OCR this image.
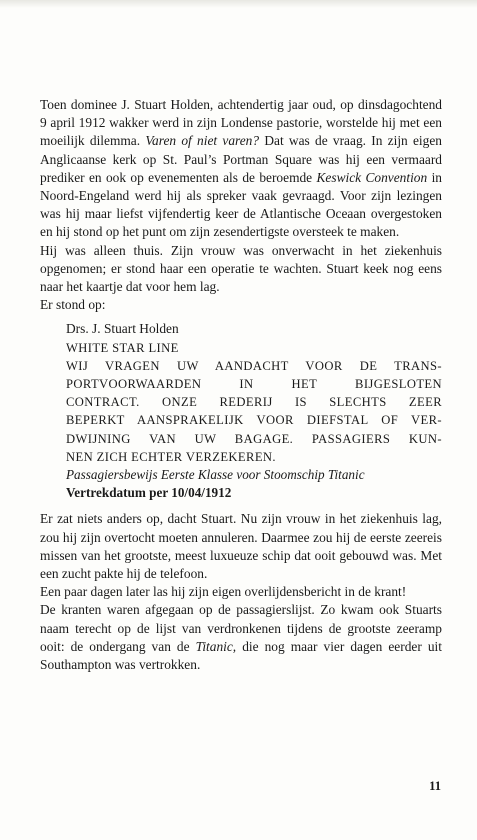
Toen dominee J. Stuart Holden, achtendertig jaar oud, op dinsdagochtend 9 april 1912 wakker werd in zijn Londense pastorie, worstelde hij met een moeilijk dilemma. Varen of niet varen? Dat was de vraag. In zijn eigen Anglicaanse kerk op St. Paul’s Portman Square was hij een vermaard prediker en ook op evenementen als de beroemde Keswick Convention in Noord-Engeland werd hij als spreker vaak gevraagd. Voor zijn lezingen was hij maar liefst vijfendertig keer de Atlantische Oceaan overgestoken en hij stond op het punt om zijn zesendertigste oversteek te maken.

Hij was alleen thuis. Zijn vrouw was onverwacht in het ziekenhuis opgenomen; er stond haar een operatie te wachten. Stuart keek nog eens naar het kaartje dat voor hem lag.

Er stond op:

Drs. J. Stuart Holden
WHITE STAR LINE
WIJ VRAGEN UW AANDACHT VOOR DE TRANS-
PORTVOORWAARDEN IN HET BIJGESLOTEN
CONTRACT. ONZE REDERIJ IS SLECHTS ZEER
BEPERKT AANSPRAKELIJK VOOR DIEFSTAL OF VER-
DWIJNING VAN UW BAGAGE. PASSAGIERS KUN-
NEN ZICH ECHTER VERZEKEREN.
Passagiersbewijs Eerste Klasse voor Stoomschip Titanic
Vertrekdatum per 10/04/1912

Er zat niets anders op, dacht Stuart. Nu zijn vrouw in het ziekenhuis lag, zou hij zijn overtocht moeten annuleren. Daarmee zou hij de eerste zeereis missen van het grootste, meest luxueuze schip dat ooit gebouwd was. Met een zucht pakte hij de telefoon.

Een paar dagen later las hij zijn eigen overlijdensbericht in de krant!

De kranten waren afgegaan op de passagierslijst. Zo kwam ook Stuarts naam terecht op de lijst van verdronkenen tijdens de grootste zeeramp ooit: de ondergang van de Titanic, die nog maar vier dagen eerder uit Southampton was vertrokken.

11
